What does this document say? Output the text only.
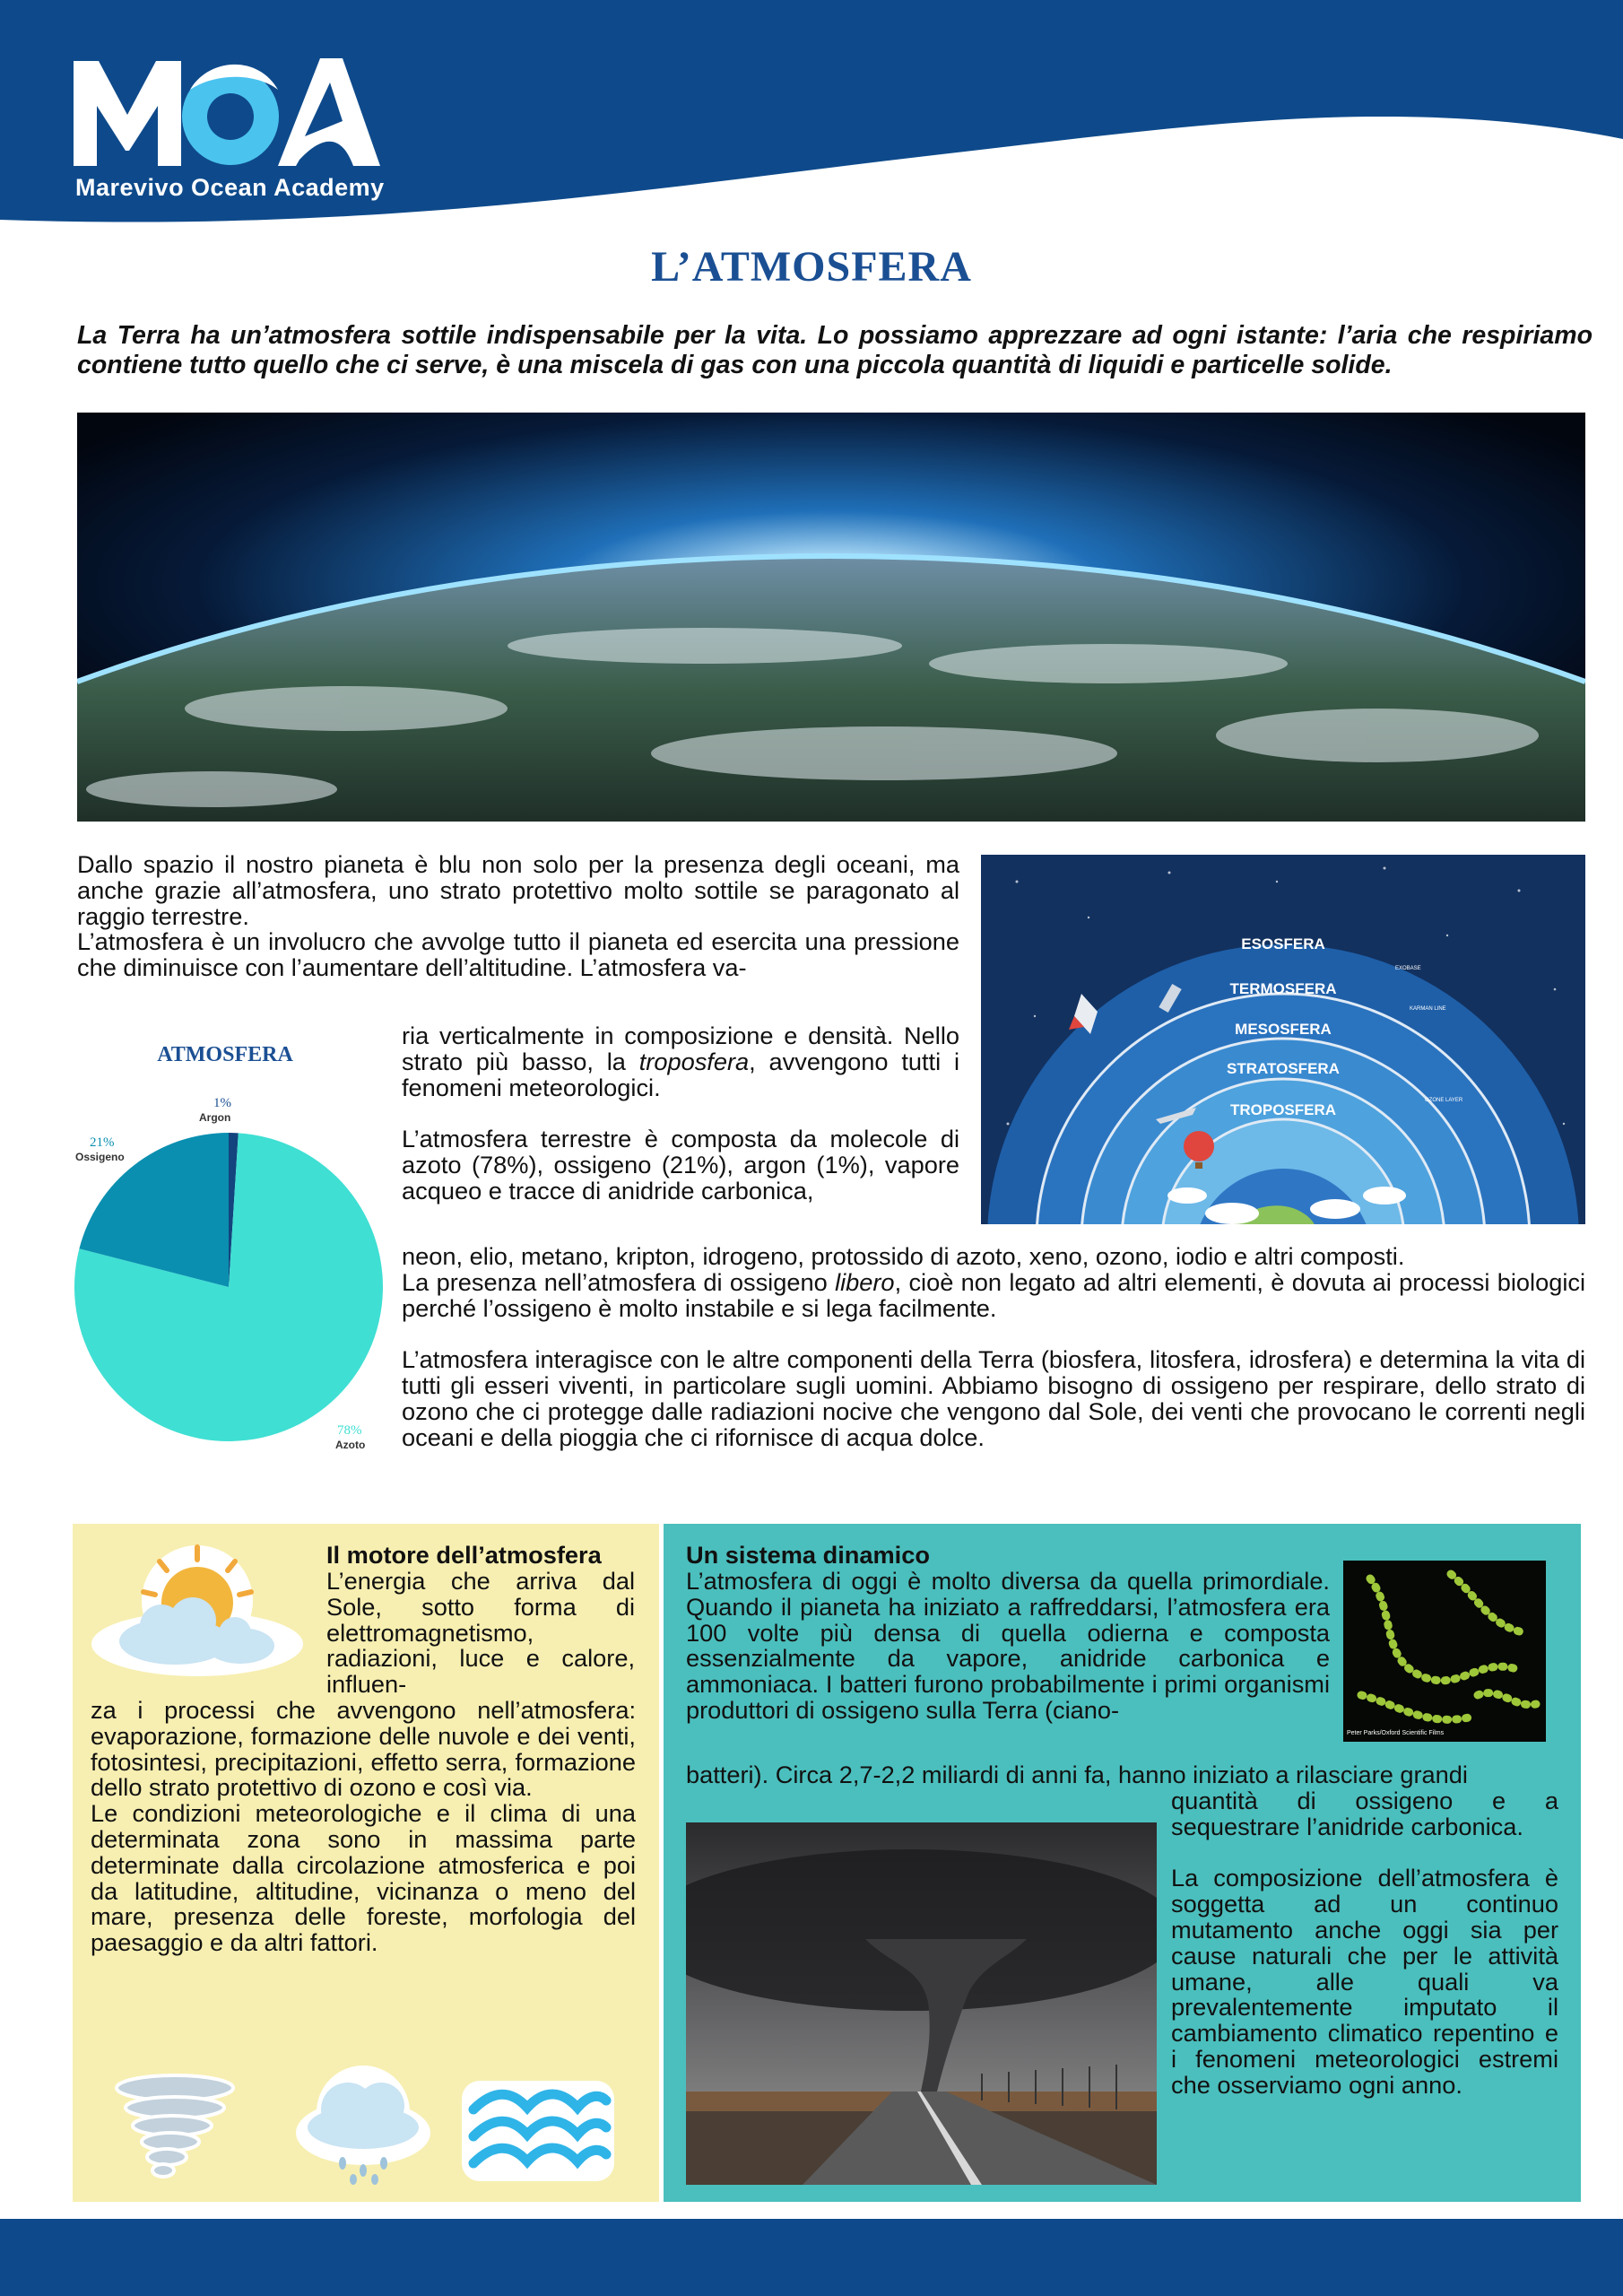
Marevivo Ocean Academy
L’ATMOSFERA
La Terra ha un’atmosfera sottile indispensabile per la vita. Lo possiamo apprezzare ad ogni istante: l’aria che respiriamo contiene tutto quello che ci serve, è una miscela di gas con una piccola quantità di liquidi e particelle solide.

Dallo spazio il nostro pianeta è blu non solo per la presenza degli oceani, ma anche grazie all’atmosfera, uno strato protettivo molto sottile se paragonato al raggio terrestre.

L’atmosfera è un involucro che avvolge tutto il pianeta ed esercita una pressione che diminuisce con l’aumentare dell’altitudine. L’atmosfera va-

ria verticalmente in composizione e densità. Nello strato più basso, la troposfera, avvengono tutti i fenomeni meteorologici.

L’atmosfera terrestre è composta da molecole di azoto (78%), ossigeno (21%), argon (1%), vapore acqueo e tracce di anidride carbonica,

neon, elio, metano, kripton, idrogeno, protossido di azoto, xeno, ozono, iodio e altri composti.

La presenza nell’atmosfera di ossigeno libero, cioè non legato ad altri elementi, è dovuta ai processi biologici perché l’ossigeno è molto instabile e si lega facilmente.

L’atmosfera interagisce con le altre componenti della Terra (biosfera, litosfera, idrosfera) e determina la vita di tutti gli esseri viventi, in particolare sugli uomini. Abbiamo bisogno di ossigeno per respirare, dello strato di ozono che ci protegge dalle radiazioni nocive che vengono dal Sole, dei venti che provocano le correnti negli oceani e della pioggia che ci rifornisce di acqua dolce.

ESOSFERA
TERMOSFERA
MESOSFERA
STRATOSFERA
TROPOSFERA
EXOBASE
KARMAN LINE
OZONE LAYER
ATMOSFERA
1%
Argon
21%
Ossigeno
78%
Azoto
Il motore dell’atmosfera
L’energia che arriva dal Sole, sotto forma di elettromagnetismo, radiazioni, luce e calore, influen-

za i processi che avvengono nell’atmosfera: evaporazione, formazione delle nuvole e dei venti, fotosintesi, precipitazioni, effetto serra, formazione dello strato protettivo di ozono e così via.

Le condizioni meteorologiche e il clima di una determinata zona sono in massima parte determinate dalla circolazione atmosferica e poi da latitudine, altitudine, vicinanza o meno del mare, presenza delle foreste, morfologia del paesaggio e da altri fattori.

Un sistema dinamico
L’atmosfera di oggi è molto diversa da quella primordiale. Quando il pianeta ha iniziato a raffreddarsi, l’atmosfera era 100 volte più densa di quella odierna e composta essenzialmente da vapore, anidride carbonica e ammoniaca. I batteri furono probabilmente i primi organismi produttori di ossigeno sulla Terra (ciano-
batteri). Circa 2,7-2,2 miliardi di anni fa, hanno iniziato a rilasciare grandi

quantità di ossigeno e a sequestrare l’anidride carbonica.

La composizione dell’atmosfera è soggetta ad un continuo mutamento anche oggi sia per cause naturali che per le attività umane, alle quali va prevalentemente imputato il cambiamento climatico repentino e i fenomeni meteorologici estremi che osserviamo ogni anno.

Peter Parks/Oxford Scientific Films
